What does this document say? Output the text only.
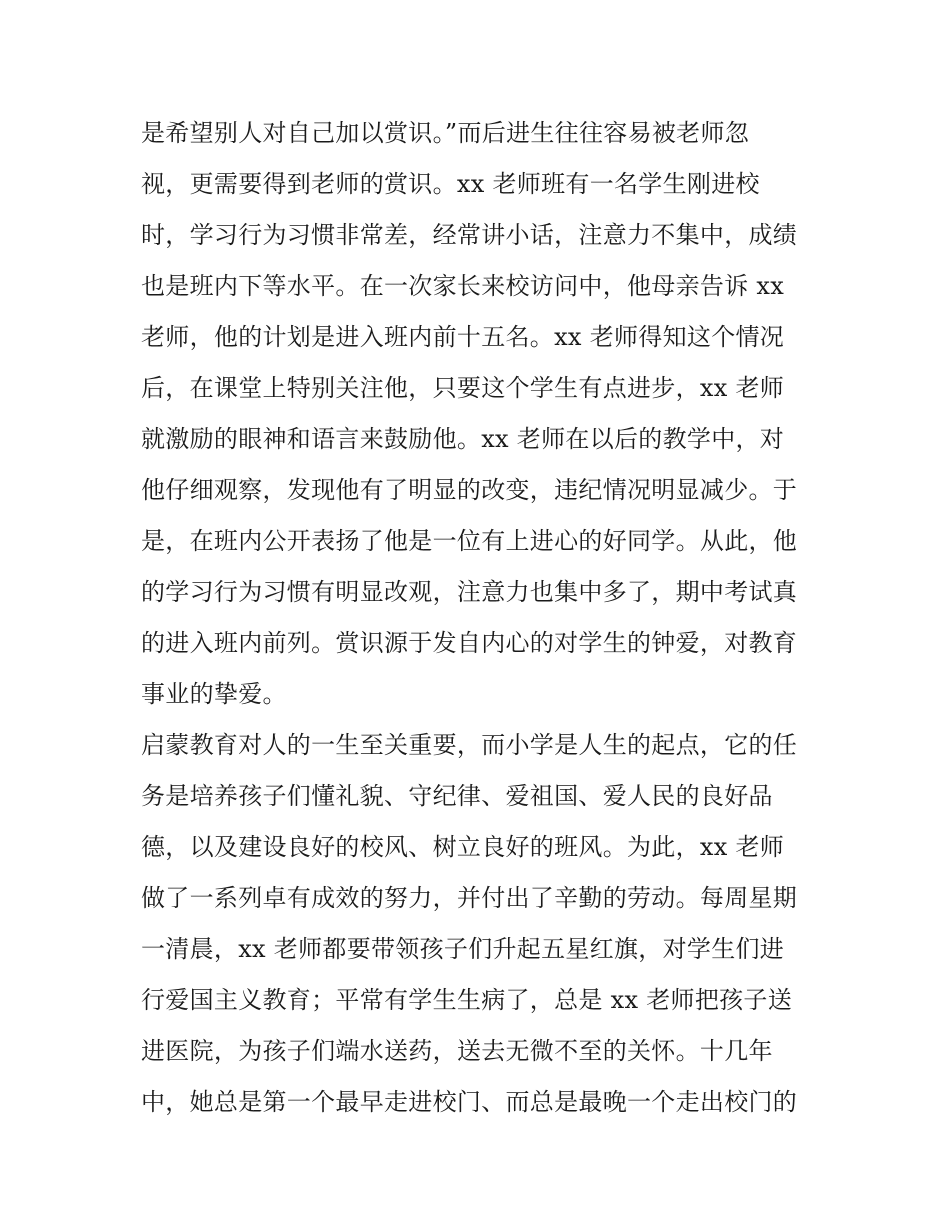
是希望别人对自己加以赏识。”而后进生往往容易被老师忽
视，更需要得到老师的赏识。xx 老师班有一名学生刚进校
时，学习行为习惯非常差，经常讲小话，注意力不集中，成绩
也是班内下等水平。在一次家长来校访问中，他母亲告诉 xx
老师，他的计划是进入班内前十五名。xx 老师得知这个情况
后，在课堂上特别关注他，只要这个学生有点进步，xx 老师
就激励的眼神和语言来鼓励他。xx 老师在以后的教学中，对
他仔细观察，发现他有了明显的改变，违纪情况明显减少。于
是，在班内公开表扬了他是一位有上进心的好同学。从此，他
的学习行为习惯有明显改观，注意力也集中多了，期中考试真
的进入班内前列。赏识源于发自内心的对学生的钟爱，对教育
事业的挚爱。
启蒙教育对人的一生至关重要，而小学是人生的起点，它的任
务是培养孩子们懂礼貌、守纪律、爱祖国、爱人民的良好品
德，以及建设良好的校风、树立良好的班风。为此，xx 老师
做了一系列卓有成效的努力，并付出了辛勤的劳动。每周星期
一清晨，xx 老师都要带领孩子们升起五星红旗，对学生们进
行爱国主义教育；平常有学生生病了，总是 xx 老师把孩子送
进医院，为孩子们端水送药，送去无微不至的关怀。十几年
中，她总是第一个最早走进校门、而总是最晚一个走出校门的
